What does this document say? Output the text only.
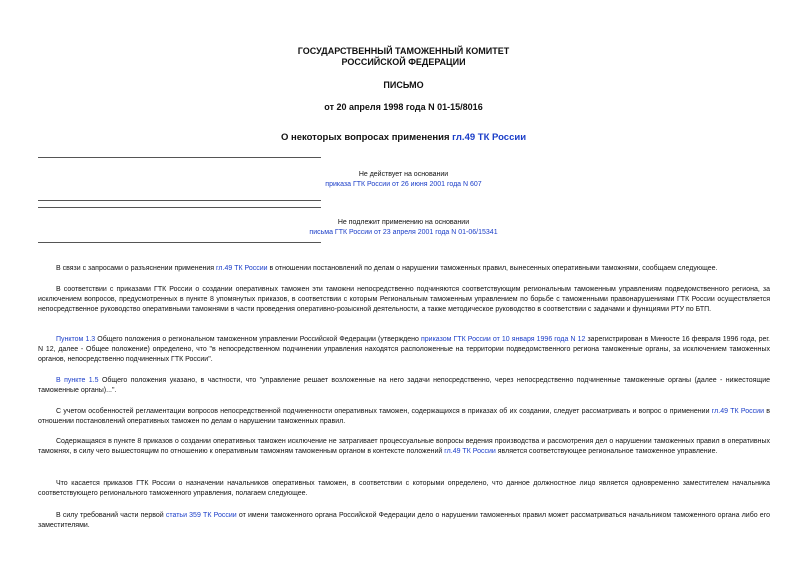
ГОСУДАРСТВЕННЫЙ ТАМОЖЕННЫЙ КОМИТЕТ
РОССИЙСКОЙ ФЕДЕРАЦИИ
ПИСЬМО
от 20 апреля 1998 года N 01-15/8016
О некоторых вопросах применения гл.49 ТК России
Не действует на основании
приказа ГТК России от 26 июня 2001 года N 607
Не подлежит применению на основании
письма ГТК России от 23 апреля 2001 года N 01-06/15341

В связи с запросами о разъяснении применения гл.49 ТК России в отношении постановлений по делам о нарушении таможенных правил, вынесенных оперативными таможнями, сообщаем следующее.

В соответствии с приказами ГТК России о создании оперативных таможен эти таможни непосредственно подчиняются соответствующим региональным таможенным управлениям подведомственного региона, за исключением вопросов, предусмотренных в пункте 8 упомянутых приказов, в соответствии с которым Региональным таможенным управлением по борьбе с таможенными правонарушениями ГТК России осуществляется непосредственное руководство оперативными таможнями в части проведения оперативно-розыскной деятельности, а также методическое руководство в соответствии с задачами и функциями РТУ по БТП.

Пунктом 1.3 Общего положения о региональном таможенном управлении Российской Федерации (утверждено приказом ГТК России от 10 января 1996 года N 12 зарегистрирован в Минюсте 16 февраля 1996 года, рег. N 12, далее - Общее положение) определено, что "в непосредственном подчинении управления находятся расположенные на территории подведомственного региона таможенные органы, за исключением таможенных органов, непосредственно подчиненных ГТК России".

В пункте 1.5 Общего положения указано, в частности, что "управление решает возложенные на него задачи непосредственно, через непосредственно подчиненные таможенные органы (далее - нижестоящие таможенные органы)...".

С учетом особенностей регламентации вопросов непосредственной подчиненности оперативных таможен, содержащихся в приказах об их создании, следует рассматривать и вопрос о применении гл.49 ТК России в отношении постановлений оперативных таможен по делам о нарушении таможенных правил.

Содержащаяся в пункте 8 приказов о создании оперативных таможен исключение не затрагивает процессуальные вопросы ведения производства и рассмотрения дел о нарушении таможенных правил в оперативных таможнях, в силу чего вышестоящим по отношению к оперативным таможням таможенным органом в контексте положений гл.49 ТК России является соответствующее региональное таможенное управление.

Что касается приказов ГТК России о назначении начальников оперативных таможен, в соответствии с которыми определено, что данное должностное лицо является одновременно заместителем начальника соответствующего регионального таможенного управления, полагаем следующее.

В силу требований части первой статьи 359 ТК России от имени таможенного органа Российской Федерации дело о нарушении таможенных правил может рассматриваться начальником таможенного органа либо его заместителями.
